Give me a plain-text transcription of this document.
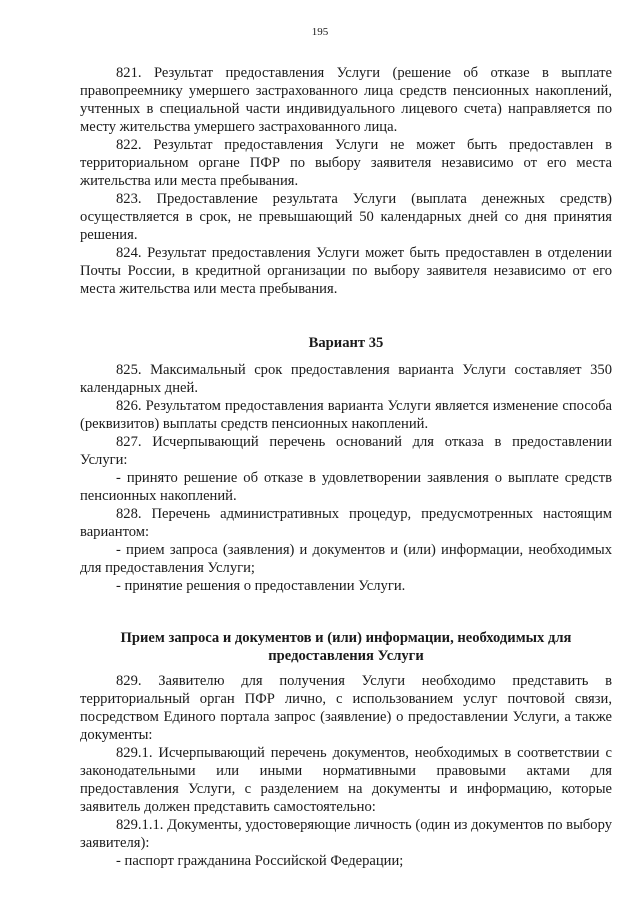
195

821. Результат предоставления Услуги (решение об отказе в выплате правопреемнику умершего застрахованного лица средств пенсионных накоплений, учтенных в специальной части индивидуального лицевого счета) направляется по месту жительства умершего застрахованного лица.

822. Результат предоставления Услуги не может быть предоставлен в территориальном органе ПФР по выбору заявителя независимо от его места жительства или места пребывания.

823. Предоставление результата Услуги (выплата денежных средств) осуществляется в срок, не превышающий 50 календарных дней со дня принятия решения.

824. Результат предоставления Услуги может быть предоставлен в отделении Почты России, в кредитной организации по выбору заявителя независимо от его места жительства или места пребывания.

Вариант 35

825. Максимальный срок предоставления варианта Услуги составляет 350 календарных дней.

826. Результатом предоставления варианта Услуги является изменение способа (реквизитов) выплаты средств пенсионных накоплений.

827. Исчерпывающий перечень оснований для отказа в предоставлении Услуги:

- принято решение об отказе в удовлетворении заявления о выплате средств пенсионных накоплений.

828. Перечень административных процедур, предусмотренных настоящим вариантом:

- прием запроса (заявления) и документов и (или) информации, необходимых для предоставления Услуги;

- принятие решения о предоставлении Услуги.

Прием запроса и документов и (или) информации, необходимых для предоставления Услуги

829. Заявителю для получения Услуги необходимо представить в территориальный орган ПФР лично, с использованием услуг почтовой связи, посредством Единого портала запрос (заявление) о предоставлении Услуги, а также документы:

829.1. Исчерпывающий перечень документов, необходимых в соответствии с законодательными или иными нормативными правовыми актами для предоставления Услуги, с разделением на документы и информацию, которые заявитель должен представить самостоятельно:

829.1.1. Документы, удостоверяющие личность (один из документов по выбору заявителя):

- паспорт гражданина Российской Федерации;
